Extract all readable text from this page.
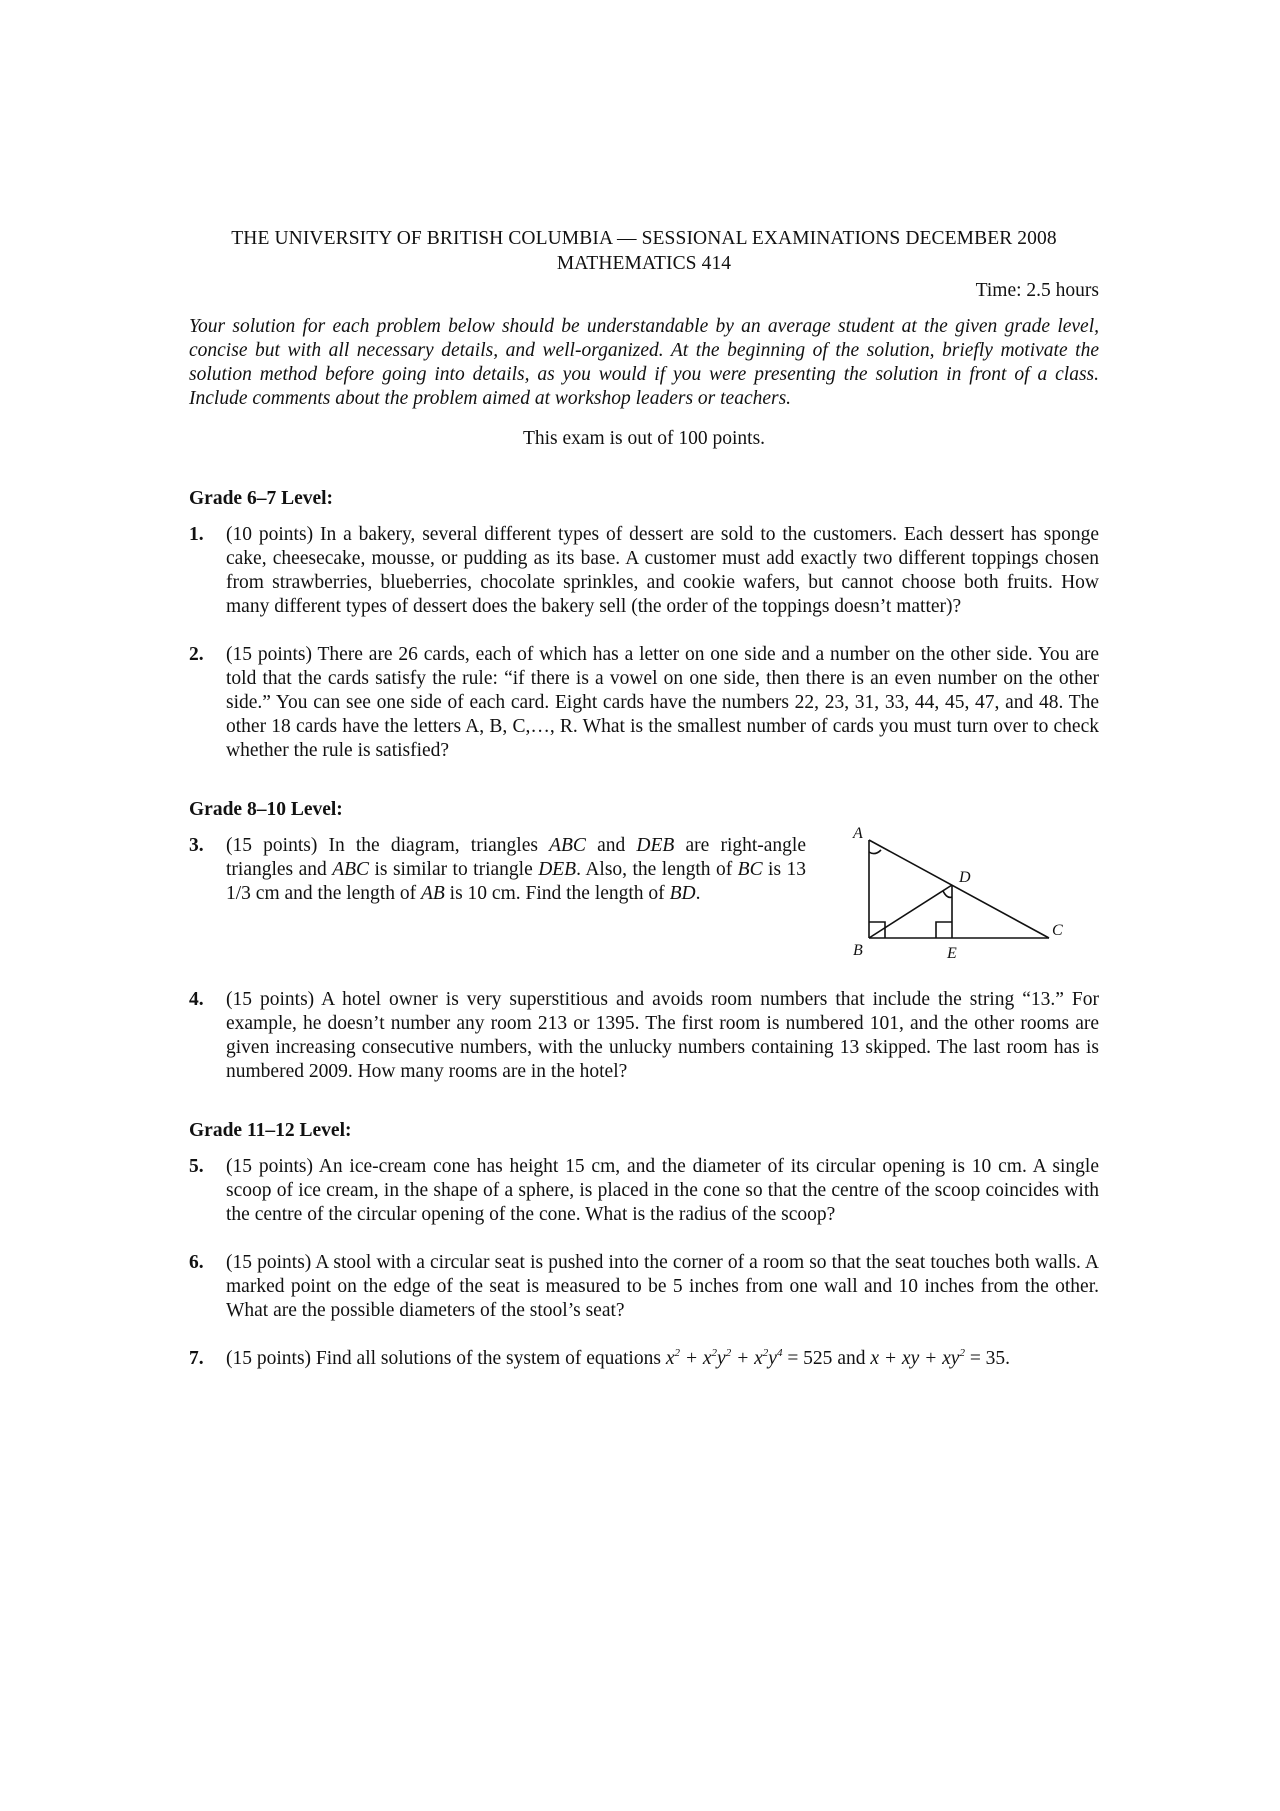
THE UNIVERSITY OF BRITISH COLUMBIA — SESSIONAL EXAMINATIONS DECEMBER 2008
MATHEMATICS 414
Time: 2.5 hours
Your solution for each problem below should be understandable by an average student at the given grade level, concise but with all necessary details, and well-organized. At the beginning of the solution, briefly motivate the solution method before going into details, as you would if you were presenting the solution in front of a class. Include comments about the problem aimed at workshop leaders or teachers.
This exam is out of 100 points.
Grade 6–7 Level:
1. (10 points) In a bakery, several different types of dessert are sold to the customers. Each dessert has sponge cake, cheesecake, mousse, or pudding as its base. A customer must add exactly two different toppings chosen from strawberries, blueberries, chocolate sprinkles, and cookie wafers, but cannot choose both fruits. How many different types of dessert does the bakery sell (the order of the toppings doesn’t matter)?
2. (15 points) There are 26 cards, each of which has a letter on one side and a number on the other side. You are told that the cards satisfy the rule: “if there is a vowel on one side, then there is an even number on the other side.” You can see one side of each card. Eight cards have the numbers 22, 23, 31, 33, 44, 45, 47, and 48. The other 18 cards have the letters A, B, C,…, R. What is the smallest number of cards you must turn over to check whether the rule is satisfied?
Grade 8–10 Level:
3. (15 points) In the diagram, triangles ABC and DEB are right-angle triangles and ABC is similar to triangle DEB. Also, the length of BC is 13 1/3 cm and the length of AB is 10 cm. Find the length of BD.
A
B
C
D
E
4. (15 points) A hotel owner is very superstitious and avoids room numbers that include the string “13.” For example, he doesn’t number any room 213 or 1395. The first room is numbered 101, and the other rooms are given increasing consecutive numbers, with the unlucky numbers containing 13 skipped. The last room has is numbered 2009. How many rooms are in the hotel?
Grade 11–12 Level:
5. (15 points) An ice-cream cone has height 15 cm, and the diameter of its circular opening is 10 cm. A single scoop of ice cream, in the shape of a sphere, is placed in the cone so that the centre of the scoop coincides with the centre of the circular opening of the cone. What is the radius of the scoop?
6. (15 points) A stool with a circular seat is pushed into the corner of a room so that the seat touches both walls. A marked point on the edge of the seat is measured to be 5 inches from one wall and 10 inches from the other. What are the possible diameters of the stool’s seat?
7. (15 points) Find all solutions of the system of equations $x^2 + x^2y^2 + x^2y^4 = 525$ and x + xy + $xy^2 = 35$.
